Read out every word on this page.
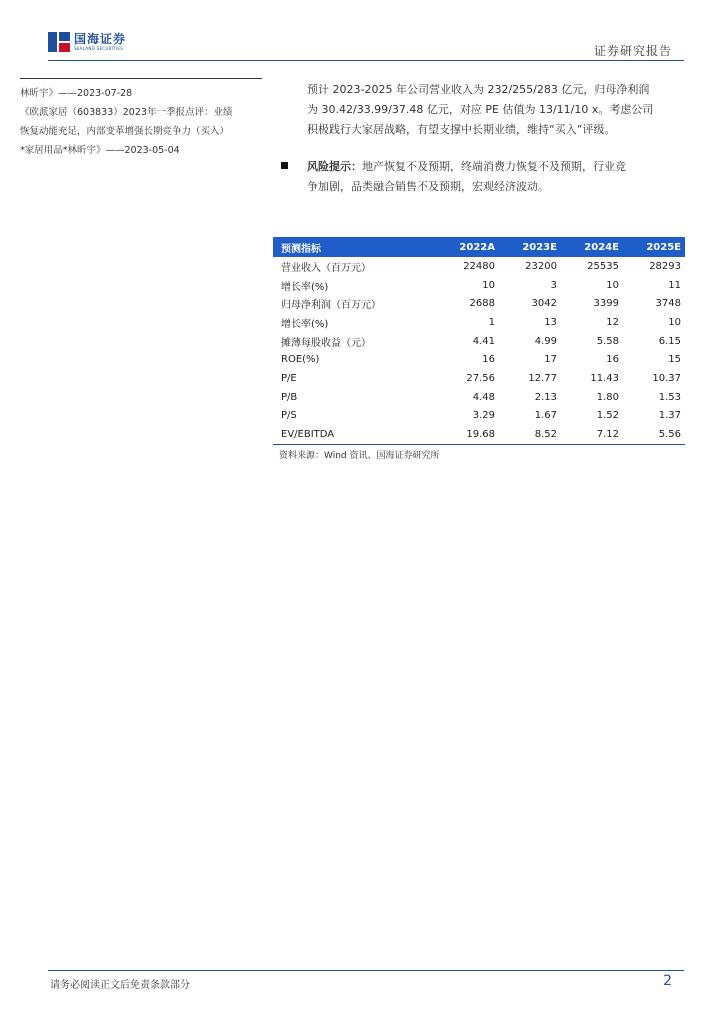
国海证券
SEALAND SECURITIES	证券研究报告
林昕宇》——2023-07-28
《欧派家居（603833）2023年一季报点评：业绩
恢复动能充足，内部变革增强长期竞争力（买入）
*家居用品*林昕宇》——2023-05-04

预计 2023-2025 年公司营业收入为 232/255/283 亿元，归母净利润
为 30.42/33.99/37.48 亿元，对应 PE 估值为 13/11/10 x。考虑公司
积极践行大家居战略，有望支撑中长期业绩，维持“买入”评级。

风险提示：地产恢复不及预期，终端消费力恢复不及预期，行业竞
争加剧，品类融合销售不及预期，宏观经济波动。
预测指标	2022A	2023E	2024E	2025E
营业收入（百万元）	22480	23200	25535	28293
增长率(%)	10	3	10	11
归母净利润（百万元）	2688	3042	3399	3748
增长率(%)	1	13	12	10
摊薄每股收益（元）	4.41	4.99	5.58	6.15
ROE(%)	16	17	16	15
P/E	27.56	12.77	11.43	10.37
P/B	4.48	2.13	1.80	1.53
P/S	3.29	1.67	1.52	1.37
EV/EBITDA	19.68	8.52	7.12	5.56
资料来源：Wind 资讯、国海证券研究所
请务必阅读正文后免责条款部分	2
